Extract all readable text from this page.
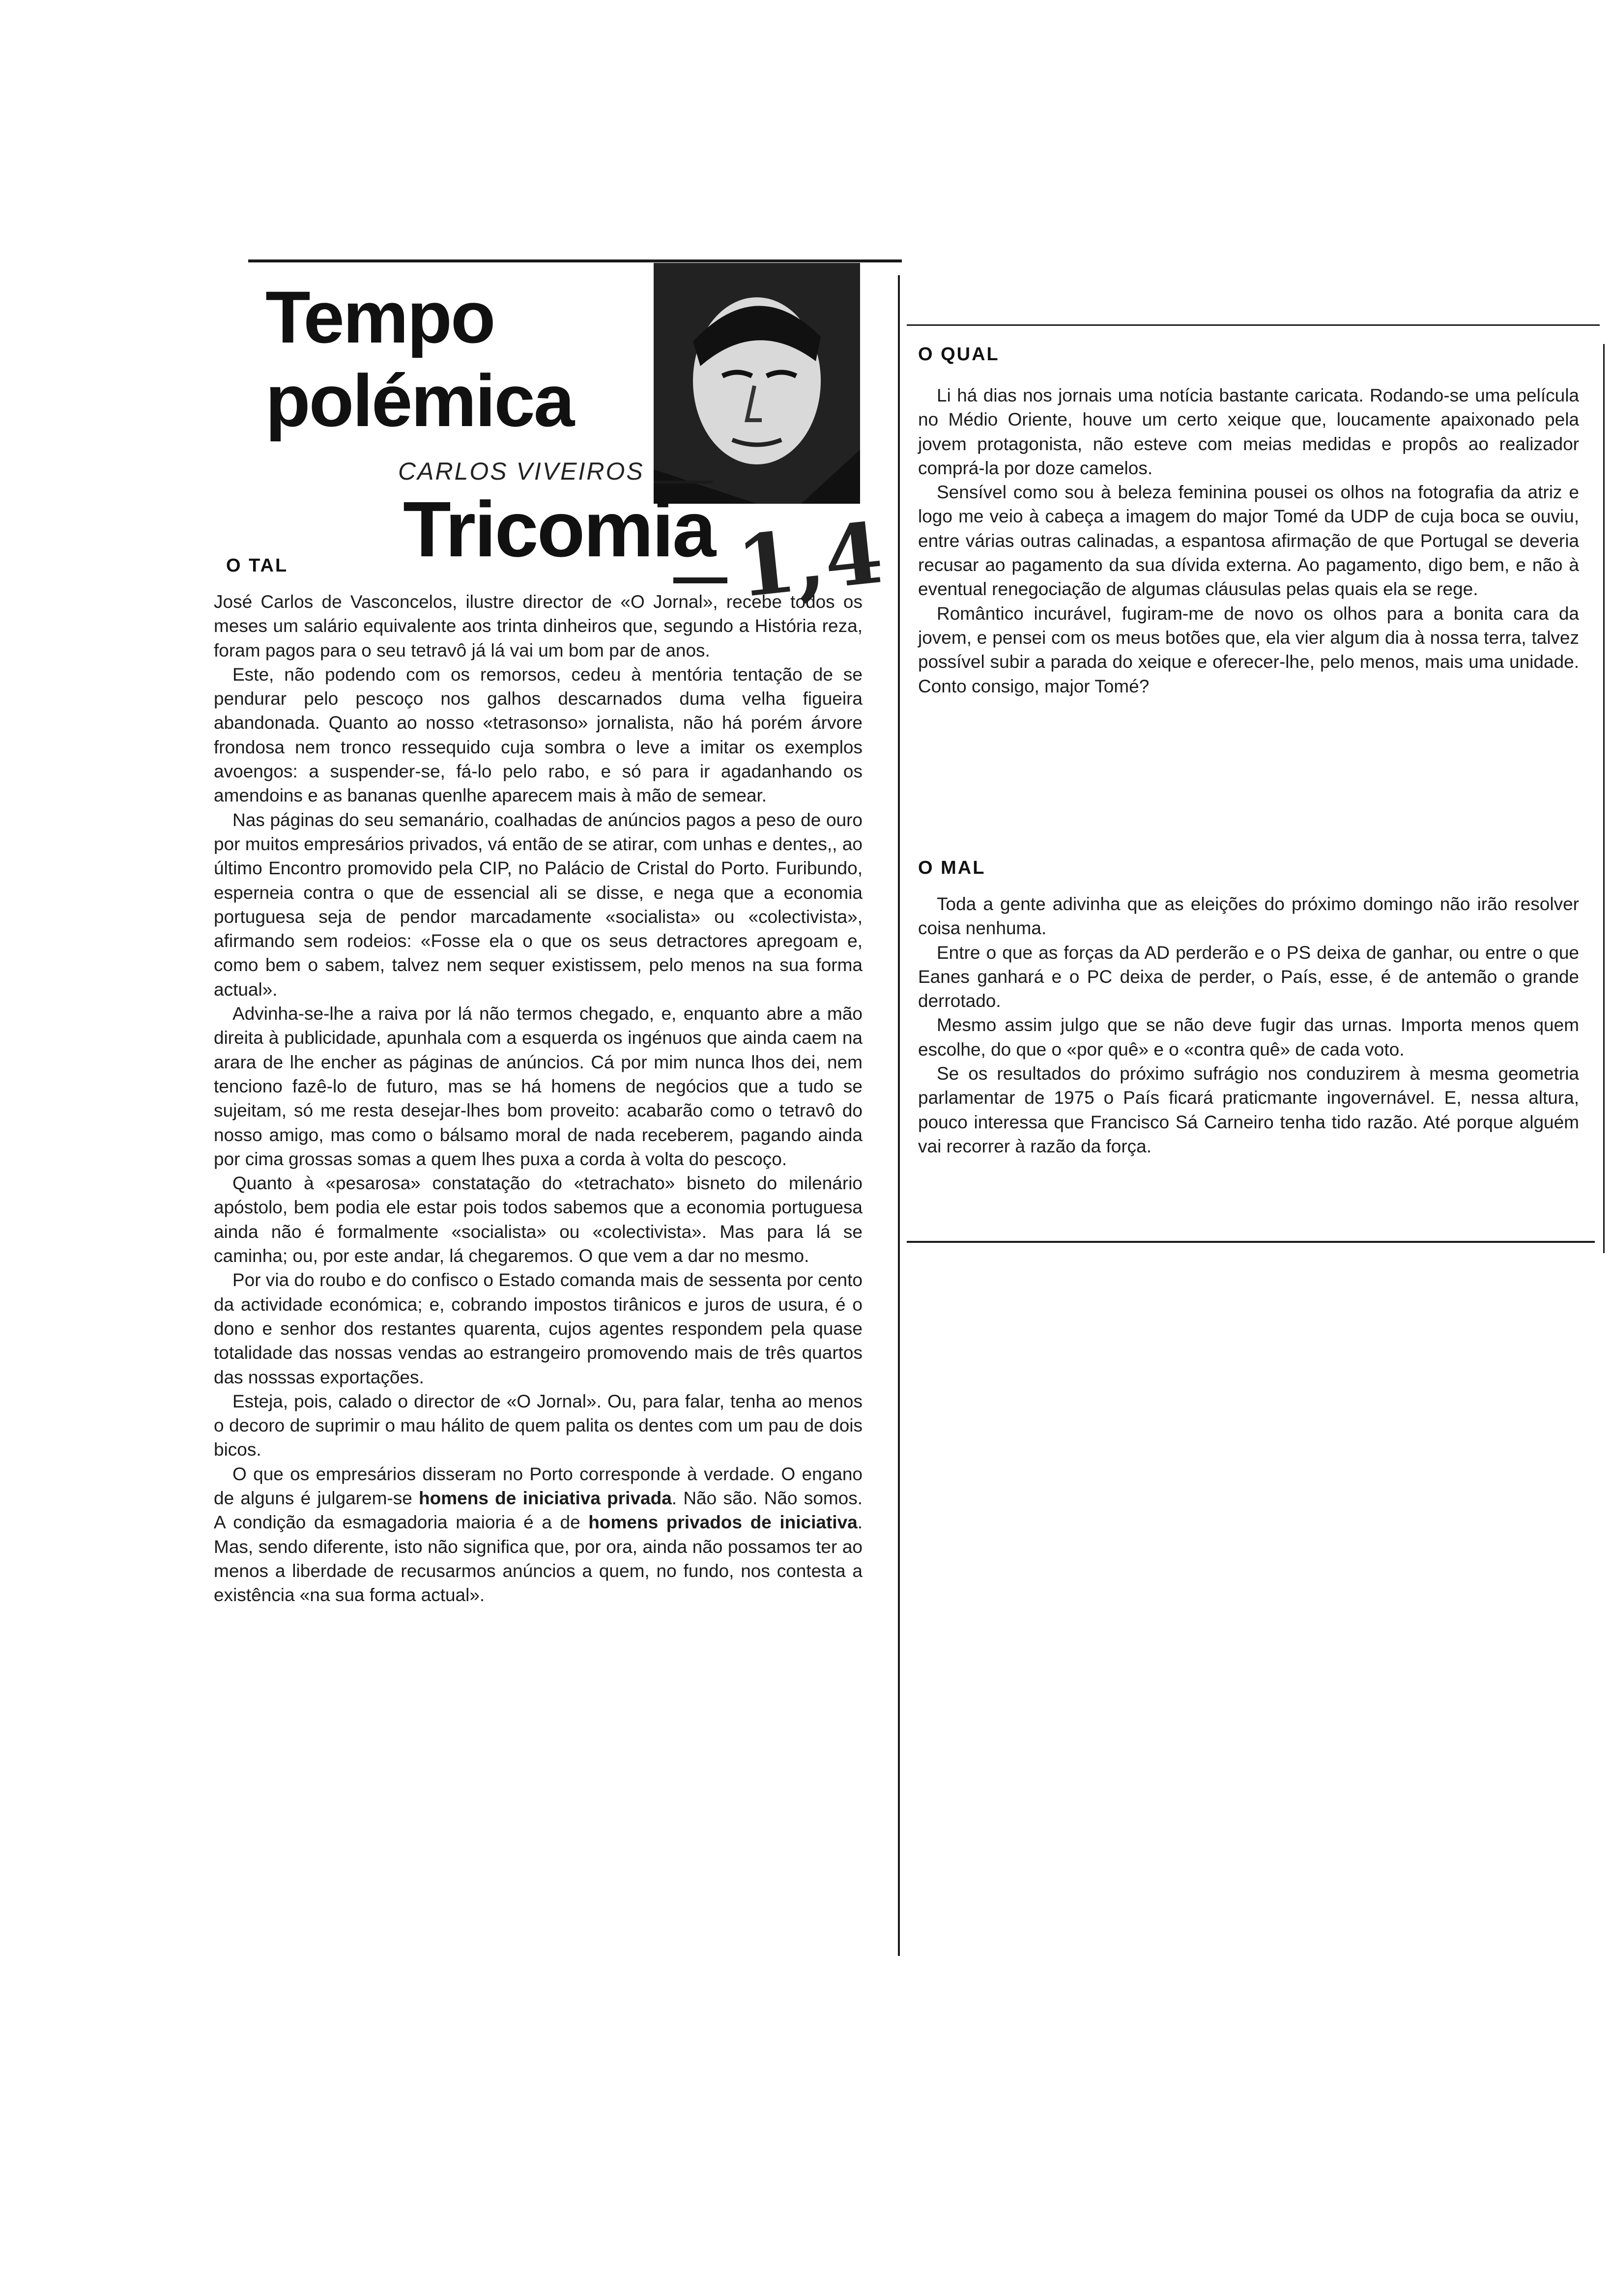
Tempo
polémica
CARLOS VIVEIROS
Tricomia 1,4
O TAL

José Carlos de Vasconcelos, ilustre director de «O Jornal», recebe todos os meses um salário equivalente aos trinta dinheiros que, segundo a História reza, foram pagos para o seu tetravô já lá vai um bom par de anos.

Este, não podendo com os remorsos, cedeu à mentória tentação de se pendurar pelo pescoço nos galhos descarnados duma velha figueira abandonada. Quanto ao nosso «tetrasonso» jornalista, não há porém árvore frondosa nem tronco ressequido cuja sombra o leve a imitar os exemplos avoengos: a suspender-se, fá-lo pelo rabo, e só para ir agadanhando os amendoins e as bananas quenlhe aparecem mais à mão de semear.

Nas páginas do seu semanário, coalhadas de anúncios pagos a peso de ouro por muitos empresários privados, vá então de se atirar, com unhas e dentes,, ao último Encontro promovido pela CIP, no Palácio de Cristal do Porto. Furibundo, esperneia contra o que de essencial ali se disse, e nega que a economia portuguesa seja de pendor marcadamente «socialista» ou «colectivista», afirmando sem rodeios: «Fosse ela o que os seus detractores apregoam e, como bem o sabem, talvez nem sequer existissem, pelo menos na sua forma actual».

Advinha-se-lhe a raiva por lá não termos chegado, e, enquanto abre a mão direita à publicidade, apunhala com a esquerda os ingénuos que ainda caem na arara de lhe encher as páginas de anúncios. Cá por mim nunca lhos dei, nem tenciono fazê-lo de futuro, mas se há homens de negócios que a tudo se sujeitam, só me resta desejar-lhes bom proveito: acabarão como o tetravô do nosso amigo, mas como o bálsamo moral de nada receberem, pagando ainda por cima grossas somas a quem lhes puxa a corda à volta do pescoço.

Quanto à «pesarosa» constatação do «tetrachato» bisneto do milenário apóstolo, bem podia ele estar pois todos sabemos que a economia portuguesa ainda não é formalmente «socialista» ou «colectivista». Mas para lá se caminha; ou, por este andar, lá chegaremos. O que vem a dar no mesmo.

Por via do roubo e do confisco o Estado comanda mais de sessenta por cento da actividade económica; e, cobrando impostos tirânicos e juros de usura, é o dono e senhor dos restantes quarenta, cujos agentes respondem pela quase totalidade das nossas vendas ao estrangeiro promovendo mais de três quartos das nosssas exportações.

Esteja, pois, calado o director de «O Jornal». Ou, para falar, tenha ao menos o decoro de suprimir o mau hálito de quem palita os dentes com um pau de dois bicos.

O que os empresários disseram no Porto corresponde à verdade. O engano de alguns é julgarem-se homens de iniciativa privada. Não são. Não somos. A condição da esmagadoria maioria é a de homens privados de iniciativa. Mas, sendo diferente, isto não significa que, por ora, ainda não possamos ter ao menos a liberdade de recusarmos anúncios a quem, no fundo, nos contesta a existência «na sua forma actual».

O QUAL

Li há dias nos jornais uma notícia bastante caricata. Rodando-se uma película no Médio Oriente, houve um certo xeique que, loucamente apaixonado pela jovem protagonista, não esteve com meias medidas e propôs ao realizador comprá-la por doze camelos.

Sensível como sou à beleza feminina pousei os olhos na fotografia da atriz e logo me veio à cabeça a imagem do major Tomé da UDP de cuja boca se ouviu, entre várias outras calinadas, a espantosa afirmação de que Portugal se deveria recusar ao pagamento da sua dívida externa. Ao pagamento, digo bem, e não à eventual renegociação de algumas cláusulas pelas quais ela se rege.

Romântico incurável, fugiram-me de novo os olhos para a bonita cara da jovem, e pensei com os meus botões que, ela vier algum dia à nossa terra, talvez possível subir a parada do xeique e oferecer-lhe, pelo menos, mais uma unidade. Conto consigo, major Tomé?

O MAL

Toda a gente adivinha que as eleições do próximo domingo não irão resolver coisa nenhuma.

Entre o que as forças da AD perderão e o PS deixa de ganhar, ou entre o que Eanes ganhará e o PC deixa de perder, o País, esse, é de antemão o grande derrotado.

Mesmo assim julgo que se não deve fugir das urnas. Importa menos quem escolhe, do que o «por quê» e o «contra quê» de cada voto.

Se os resultados do próximo sufrágio nos conduzirem à mesma geometria parlamentar de 1975 o País ficará praticmante ingovernável. E, nessa altura, pouco interessa que Francisco Sá Carneiro tenha tido razão. Até porque alguém vai recorrer à razão da força.
